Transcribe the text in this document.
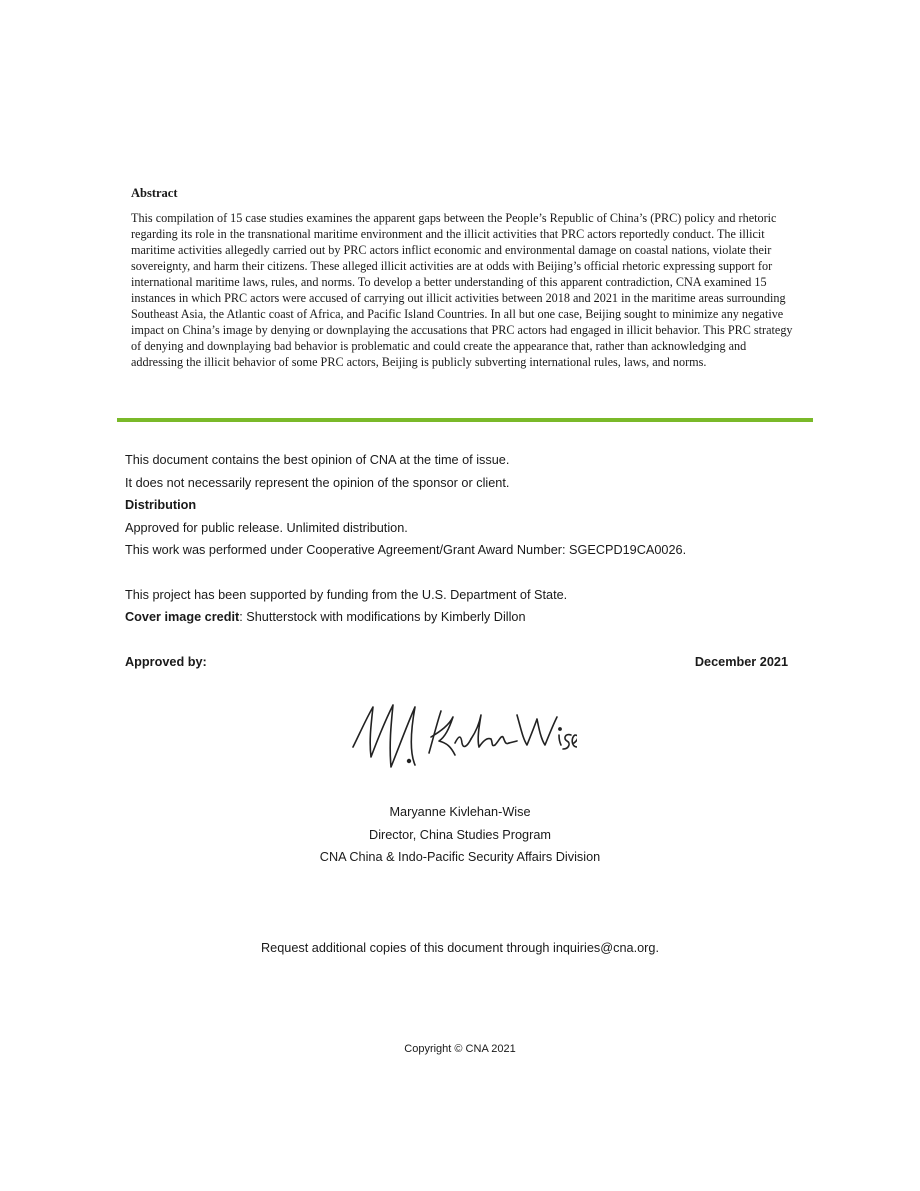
Abstract

This compilation of 15 case studies examines the apparent gaps between the People’s Republic of China’s (PRC) policy and rhetoric regarding its role in the transnational maritime environment and the illicit activities that PRC actors reportedly conduct. The illicit maritime activities allegedly carried out by PRC actors inflict economic and environmental damage on coastal nations, violate their sovereignty, and harm their citizens. These alleged illicit activities are at odds with Beijing’s official rhetoric expressing support for international maritime laws, rules, and norms. To develop a better understanding of this apparent contradiction, CNA examined 15 instances in which PRC actors were accused of carrying out illicit activities between 2018 and 2021 in the maritime areas surrounding Southeast Asia, the Atlantic coast of Africa, and Pacific Island Countries. In all but one case, Beijing sought to minimize any negative impact on China’s image by denying or downplaying the accusations that PRC actors had engaged in illicit behavior. This PRC strategy of denying and downplaying bad behavior is problematic and could create the appearance that, rather than acknowledging and addressing the illicit behavior of some PRC actors, Beijing is publicly subverting international rules, laws, and norms.

This document contains the best opinion of CNA at the time of issue.
It does not necessarily represent the opinion of the sponsor or client.
Distribution
Approved for public release. Unlimited distribution.
This work was performed under Cooperative Agreement/Grant Award Number: SGECPD19CA0026.
This project has been supported by funding from the U.S. Department of State.
Cover image credit: Shutterstock with modifications by Kimberly Dillon
Approved by:	December 2021
Maryanne Kivlehan-Wise
Director, China Studies Program
CNA China & Indo-Pacific Security Affairs Division
Request additional copies of this document through inquiries@cna.org.
Copyright © CNA 2021
